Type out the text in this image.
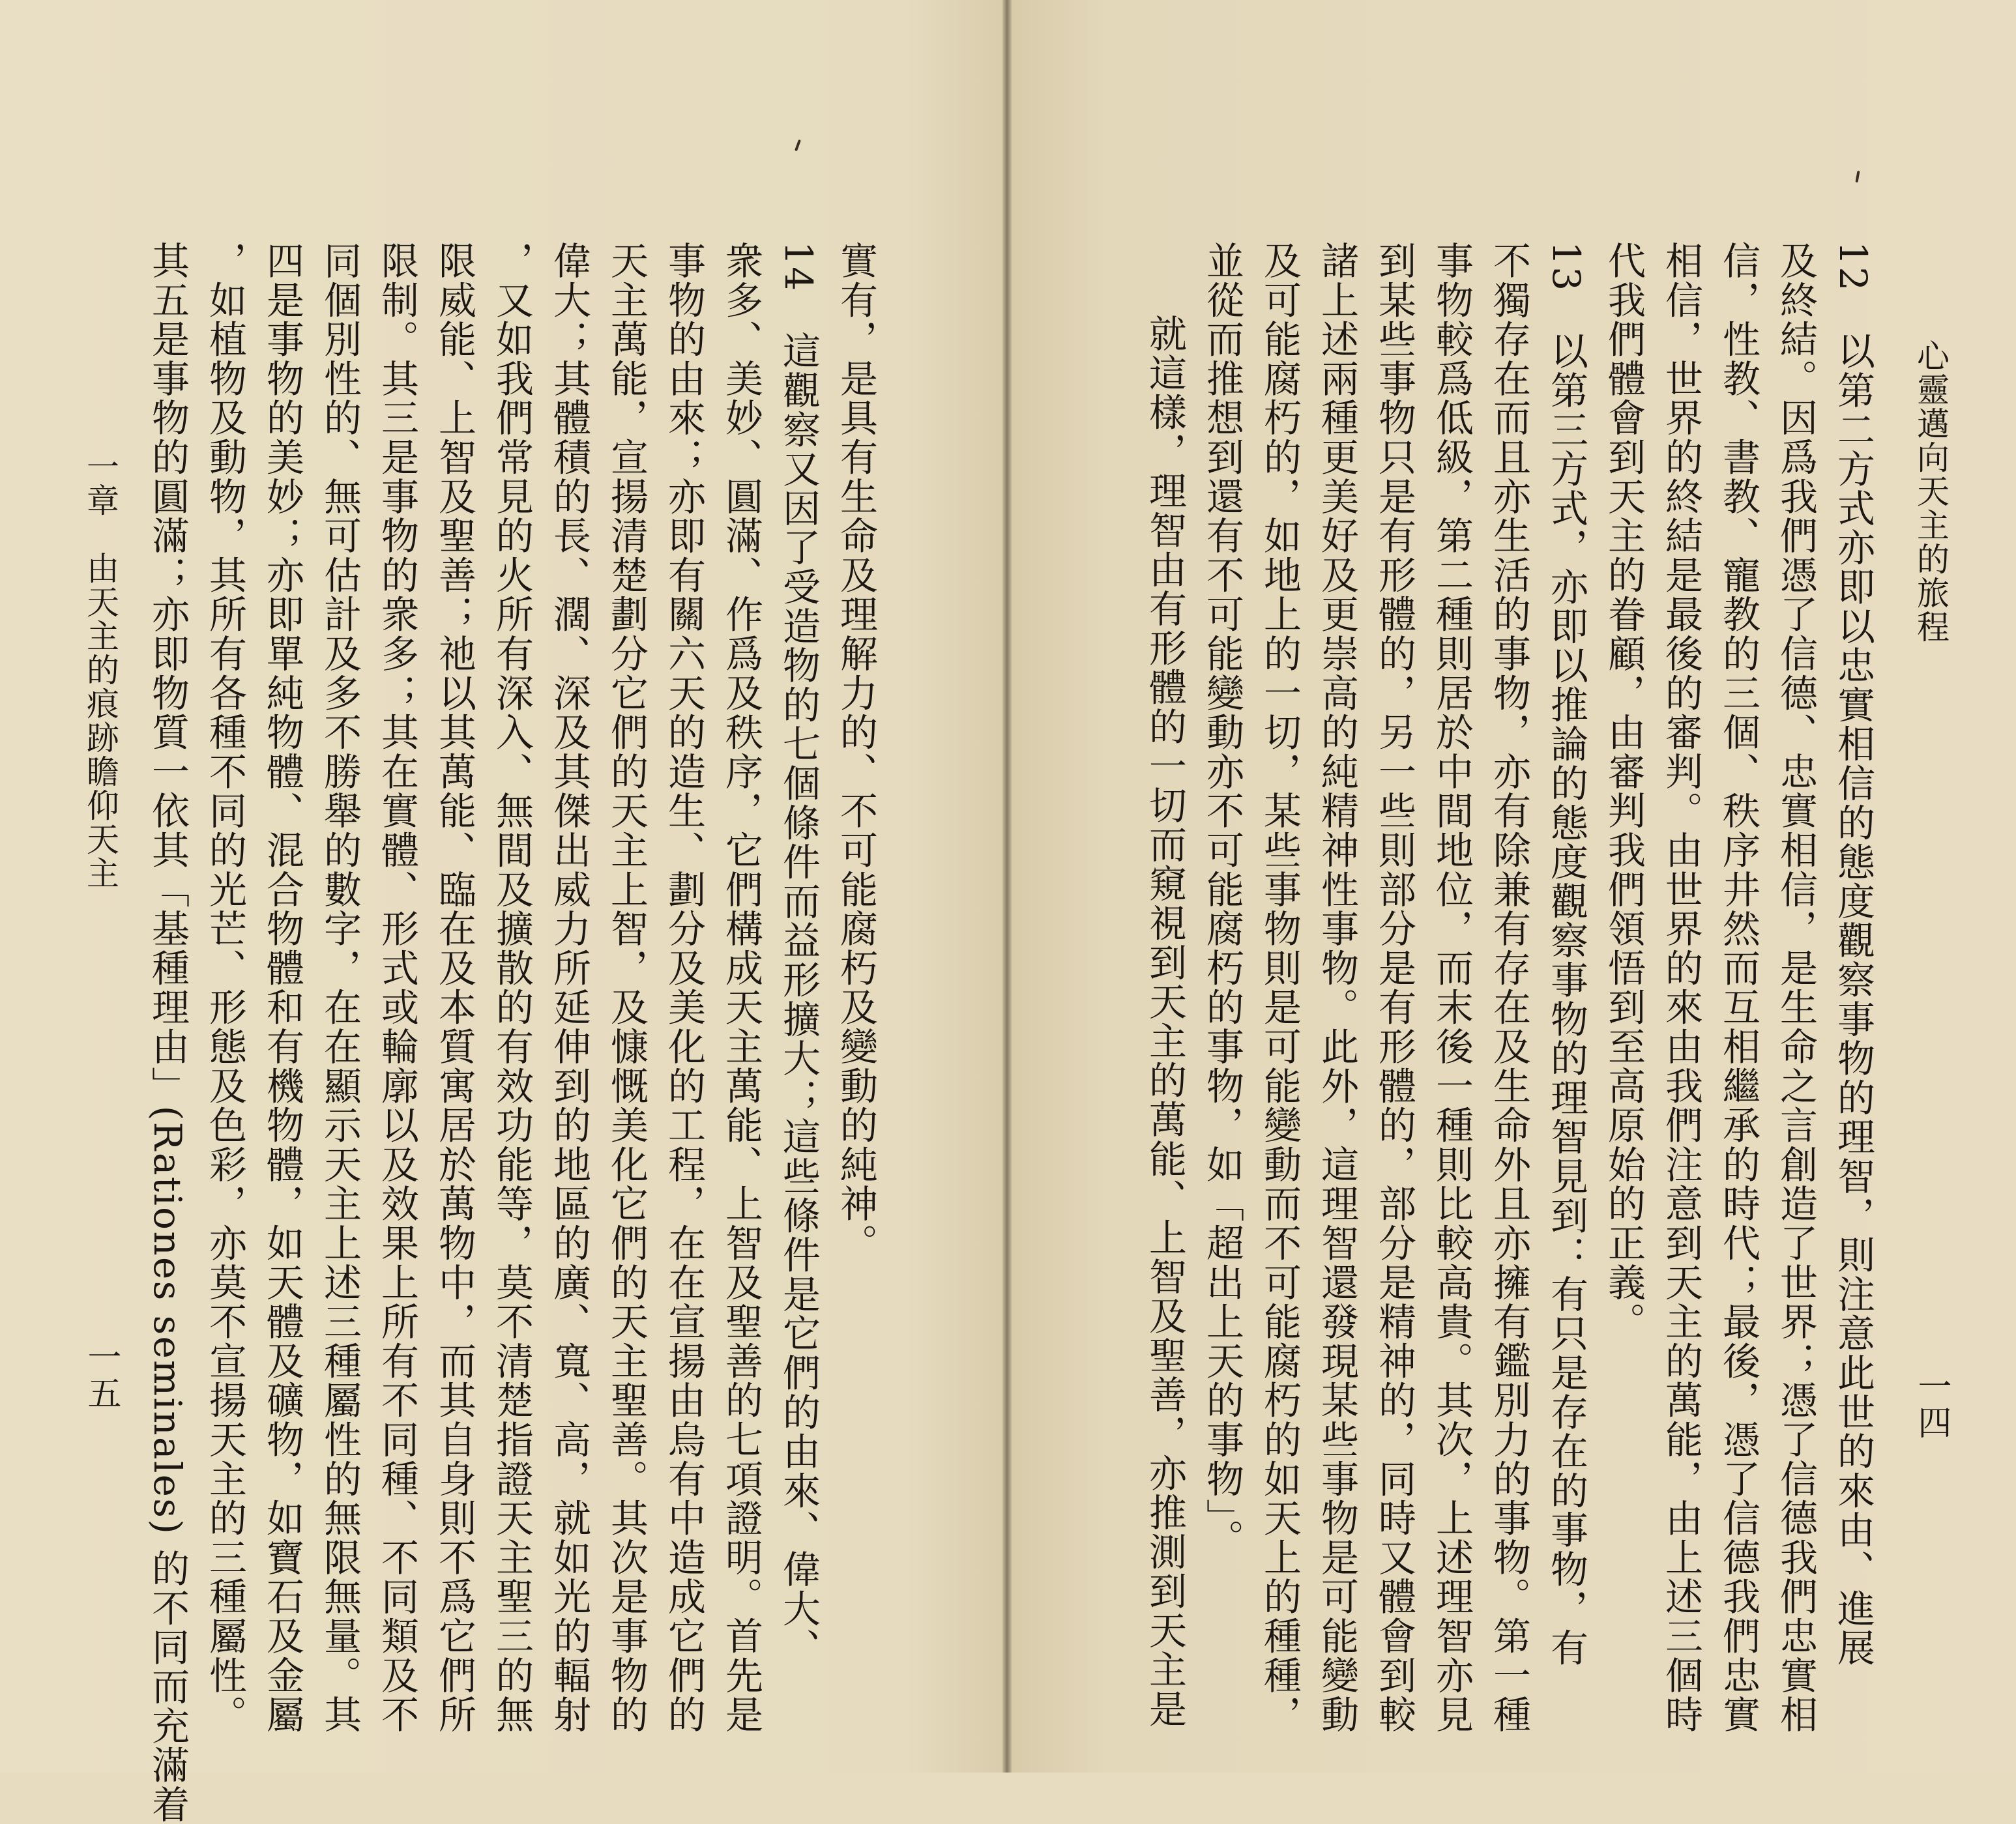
實有，是具有生命及理解力的、不可能腐朽及變動的純神。
14　這觀察又因了受造物的七個條件而益形擴大；這些條件是它們的由來、偉大、
衆多、美妙、圓滿、作爲及秩序，它們構成天主萬能、上智及聖善的七項證明。首先是
事物的由來；亦即有關六天的造生、劃分及美化的工程，在在宣揚由烏有中造成它們的
天主萬能，宣揚清楚劃分它們的天主上智，及慷慨美化它們的天主聖善。其次是事物的
偉大；其體積的長、濶、深及其傑出威力所延伸到的地區的廣、寬、高，就如光的輻射
，又如我們常見的火所有深入、無間及擴散的有效功能等，莫不清楚指證天主聖三的無
限威能、上智及聖善；祂以其萬能、臨在及本質寓居於萬物中，而其自身則不爲它們所
限制。其三是事物的衆多；其在實體、形式或輪廓以及效果上所有不同種、不同類及不
同個別性的、無可估計及多不勝舉的數字，在在顯示天主上述三種屬性的無限無量。其
四是事物的美妙；亦即單純物體、混合物體和有機物體，如天體及礦物，如寶石及金屬
，如植物及動物，其所有各種不同的光芒、形態及色彩，亦莫不宣揚天主的三種屬性。
其五是事物的圓滿；亦即物質一依其「基種理由」(Rationes seminales) 的不同而充滿着
一章　由天主的痕跡瞻仰天主
一五
心靈邁向天主的旅程
一四
12　以第二方式亦即以忠實相信的態度觀察事物的理智，則注意此世的來由、進展
及終結。因爲我們憑了信德、忠實相信，是生命之言創造了世界；憑了信德我們忠實相
信，性教、書教、寵教的三個、秩序井然而互相繼承的時代；最後，憑了信德我們忠實
相信，世界的終結是最後的審判。由世界的來由我們注意到天主的萬能，由上述三個時
代我們體會到天主的眷顧，由審判我們領悟到至高原始的正義。
13　以第三方式，亦即以推論的態度觀察事物的理智見到：有只是存在的事物，有
不獨存在而且亦生活的事物，亦有除兼有存在及生命外且亦擁有鑑別力的事物。第一種
事物較爲低級，第二種則居於中間地位，而末後一種則比較高貴。其次，上述理智亦見
到某些事物只是有形體的，另一些則部分是有形體的，部分是精神的，同時又體會到較
諸上述兩種更美好及更崇高的純精神性事物。此外，這理智還發現某些事物是可能變動
及可能腐朽的，如地上的一切，某些事物則是可能變動而不可能腐朽的如天上的種種，
並從而推想到還有不可能變動亦不可能腐朽的事物，如「超出上天的事物」。
就這樣，理智由有形體的一切而窺視到天主的萬能、上智及聖善，亦推測到天主是
